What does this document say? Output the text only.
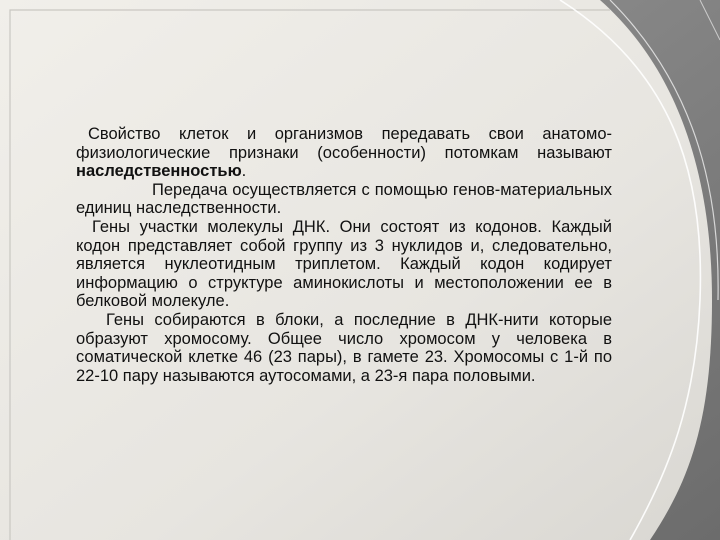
Свойство клеток и организмов передавать свои анатомо-физиологические признаки (особенности) потомкам называют наследственностью.

Передача осуществляется с помощью генов-материальных единиц наследственности.

Гены участки молекулы ДНК. Они состоят из кодонов. Каждый кодон представляет собой группу из 3 нуклидов и, следовательно, является нуклеотидным триплетом. Каждый кодон кодирует информацию о структуре аминокислоты и местоположении ее в белковой молекуле.

Гены собираются в блоки, а последние в ДНК-нити которые образуют хромосому. Общее число хромосом у человека в соматической клетке 46 (23 пары), в гамете 23. Хромосомы с 1-й по 22-10 пару называются аутосомами, а 23-я пара половыми.
